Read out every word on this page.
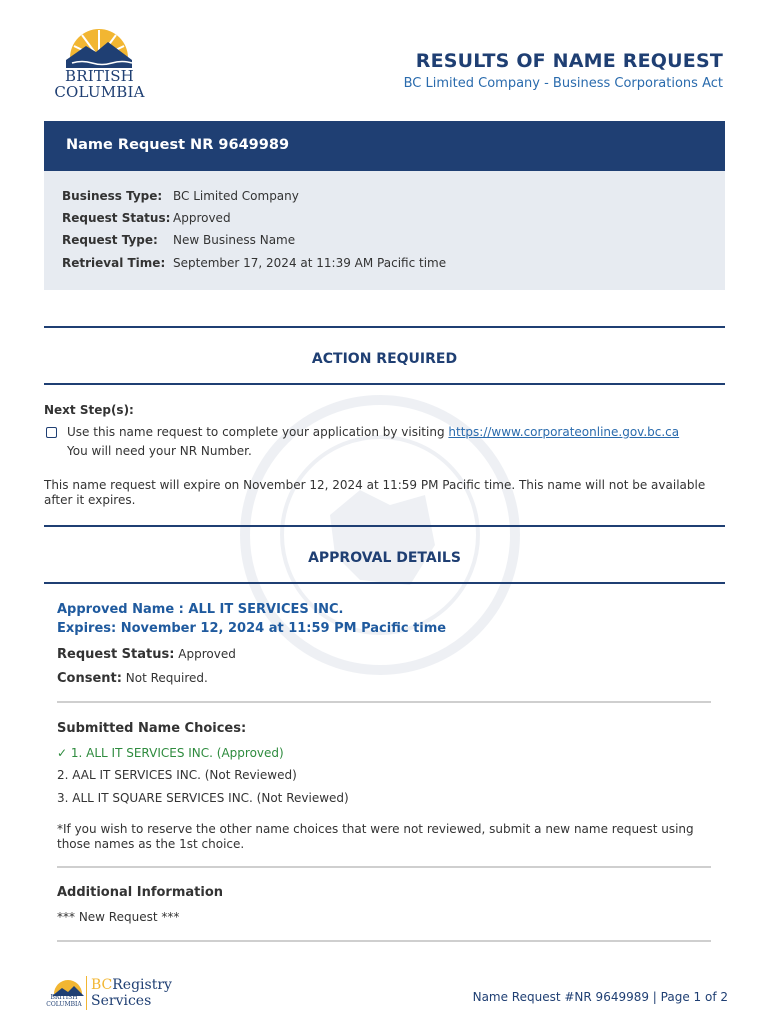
BRITISH
COLUMBIA
RESULTS OF NAME REQUEST
BC Limited Company - Business Corporations Act
Name Request NR 9649989
Business Type: BC Limited Company
Request Status: Approved
Request Type: New Business Name
Retrieval Time: September 17, 2024 at 11:39 AM Pacific time
ACTION REQUIRED
Next Step(s):
Use this name request to complete your application by visiting https://www.corporateonline.gov.bc.ca
You will need your NR Number.
This name request will expire on November 12, 2024 at 11:59 PM Pacific time. This name will not be available after it expires.
APPROVAL DETAILS
Approved Name : ALL IT SERVICES INC.
Expires: November 12, 2024 at 11:59 PM Pacific time
Request Status: Approved
Consent: Not Required.
Submitted Name Choices:
✓ 1. ALL IT SERVICES INC. (Approved)
2. AAL IT SERVICES INC. (Not Reviewed)
3. ALL IT SQUARE SERVICES INC. (Not Reviewed)
*If you wish to reserve the other name choices that were not reviewed, submit a new name request using those names as the 1st choice.
Additional Information
*** New Request ***
BRITISH
COLUMBIA
BCRegistry
Services	Name Request #NR 9649989 | Page 1 of 2
